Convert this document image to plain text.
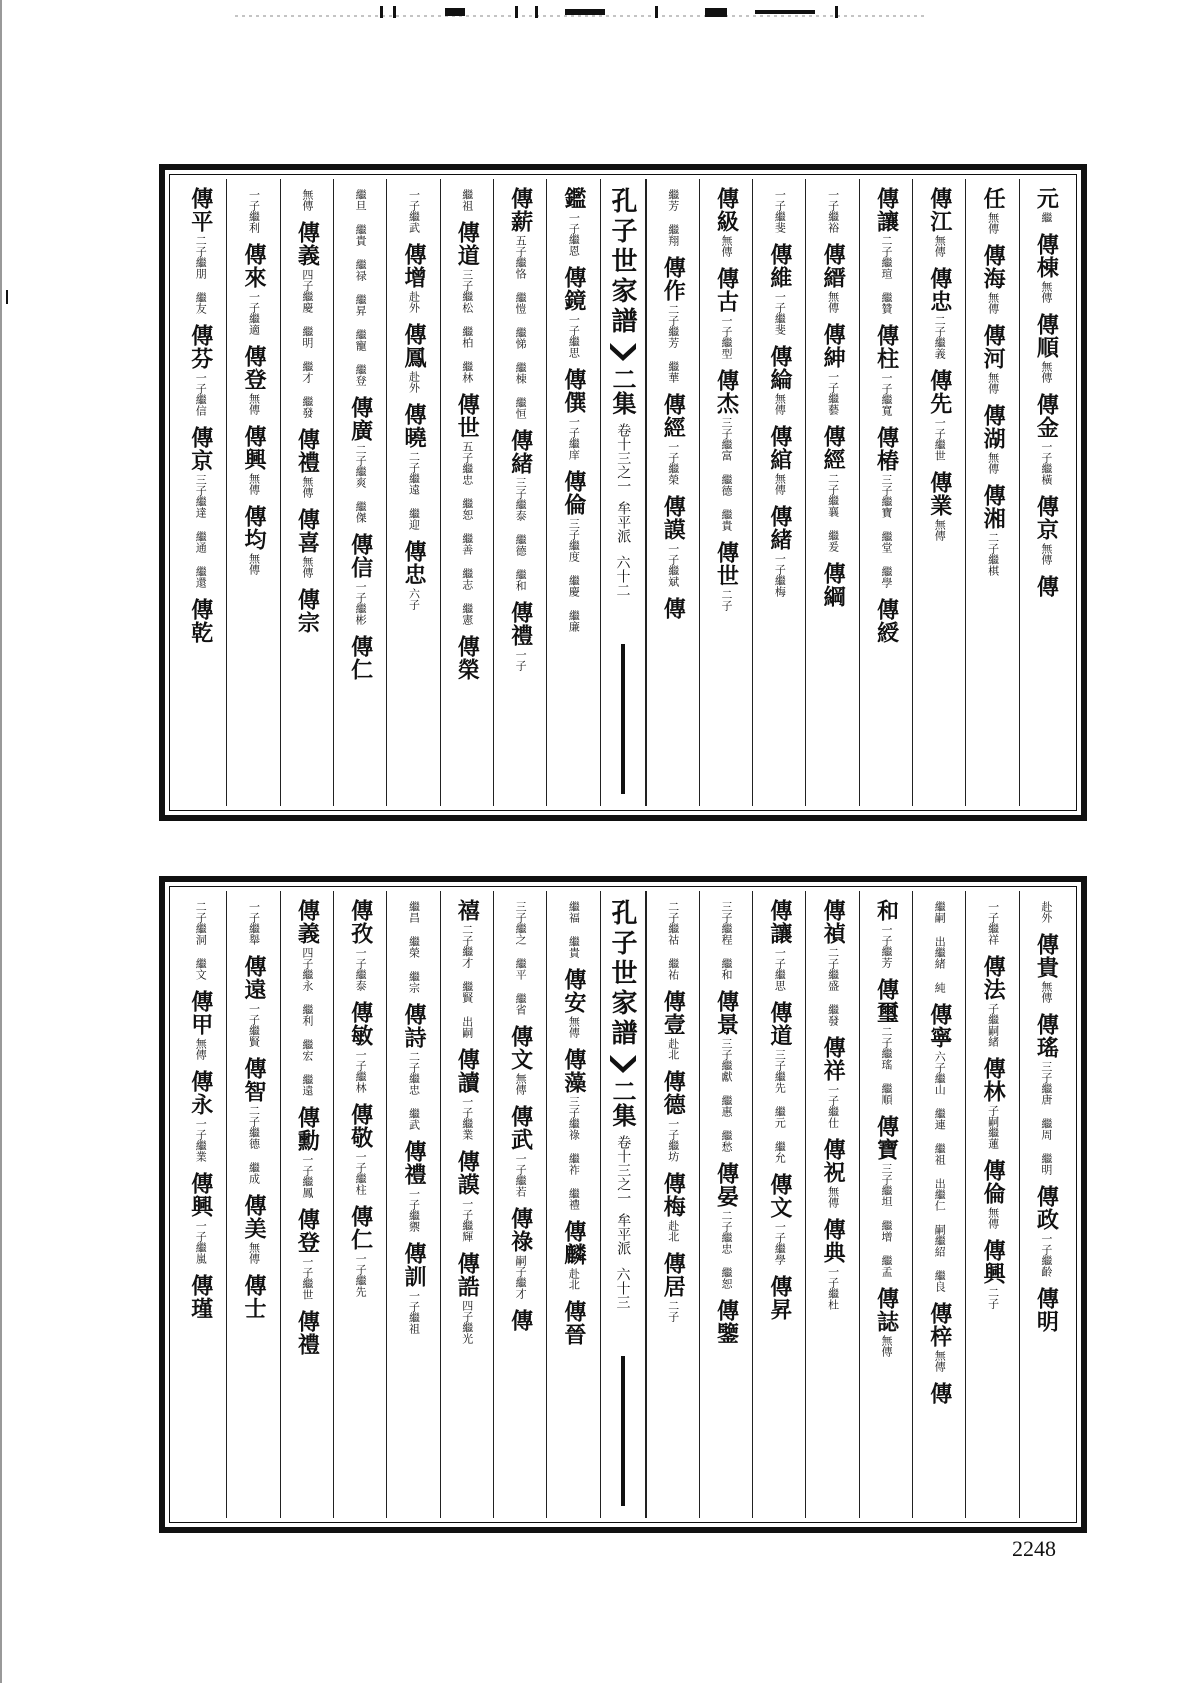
元
繼
傳棟
無傳
傳順
無傳
傳金
一子繼橫
傳京
無傳
傳
任
無傳
傳海
無傳
傳河
無傳
傳湖
無傳
傳湘
二子繼棋
傳江
無傳
傳忠
二子繼義
傳先
一子繼世
傳業
無傳
傳讓
二子繼瑄 繼贊
傳柱
一子繼寬
傳椿
三子繼寶 繼堂 繼學
傳綬
一子繼裕
傳縉
無傳
傳紳
一子繼藝
傳經
二子繼襄 繼爰
傳綱
一子繼斐
傳維
一子繼斐
傳綸
無傳
傳綰
無傳
傳緒
一子繼梅
傳級
無傳
傳古
一子繼型
傳杰
三子繼富 繼德 繼貴
傳世
二子
繼芳 繼翔
傳作
二子繼芳 繼華
傳經
一子繼榮
傳謨
一子繼斌
傳
孔子世家譜
二集
卷十三之一
牟平派
六十二
鑑
一子繼恩
傳鏡
一子繼思
傳僎
一子繼庠
傳倫
三子繼度 繼慶 繼廉
傳薪
五子繼恪 繼愷 繼悌 繼棟 繼恒
傳緒
三子繼泰 繼德 繼和
傳禮
一子
繼祖
傳道
三子繼松 繼柏 繼林
傳世
五子繼忠 繼恕 繼善 繼志 繼憲
傳榮
一子繼武
傳增
赴外
傳鳳
赴外
傳曉
二子繼遠 繼迎
傳忠
六子
繼旦 繼貴 繼禄 繼昇 繼寵 繼登
傳廣
二子繼爽 繼傑
傳信
一子繼彬
傳仁
無傳
傳義
四子繼慶 繼明 繼才 繼發
傳禮
無傳
傳喜
無傳
傳宗
一子繼利
傳來
一子繼適
傳登
無傳
傳興
無傳
傳均
無傳
傳平
二子繼朋 繼友
傳芬
一子繼信
傳京
三子繼達 繼通 繼還
傳乾
赴外
傳貴
無傳
傳瑤
三子繼唐 繼周 繼明
傳政
一子繼齡
傳明
一子繼祥
傳法
子繼嗣緒
傳林
子嗣繼蓮
傳倫
無傳
傳興
二子
繼嗣 出繼緒 純
傳寧
六子繼山 繼連 繼祖 出繼仁 嗣繼紹 繼良
傳梓
無傳
傳
和
一子繼芳
傳璽
二子繼瑤 繼順
傳寶
三子繼坦 繼增 繼孟
傳誌
無傳
傳禎
二子繼盛 繼發
傳祥
一子繼仕
傳祝
無傳
傳典
一子繼杜
傳讓
一子繼思
傳道
三子繼先 繼元 繼允
傳文
一子繼學
傳昇
三子繼程 繼和
傳景
三子繼獻 繼惠 繼愁
傳晏
二子繼忠 繼恕
傳鑒
二子繼祜 繼祐
傳壹
赴北
傳德
一子繼坊
傳梅
赴北
傳居
二子
孔子世家譜
二集
卷十三之一
牟平派
六十三
繼福 繼貴
傳安
無傳
傳藻
三子繼祿 繼祚 繼禮
傳麟
赴北
傳晉
三子繼之 繼平 繼省
傳文
無傳
傳武
一子繼若
傳祿
嗣子繼才
傳
禧
二子繼才 繼賢 出嗣
傳讀
一子繼業
傳謨
一子繼輝
傳誥
四子繼光
繼昌 繼榮 繼宗
傳詩
二子繼忠 繼武
傳禮
一子繼禦
傳訓
一子繼祖
傳孜
一子繼泰
傳敏
一子繼林
傳敬
一子繼柱
傳仁
一子繼先
傳義
四子繼永 繼利 繼宏 繼遠
傳勳
一子繼鳳
傳登
一子繼世
傳禮
一子繼舉
傳遠
一子繼賢
傳智
二子繼德 繼成
傳美
無傳
傳士
二子繼洞 繼文
傳甲
無傳
傳永
一子繼業
傳興
一子繼嵐
傳瑾
2248
